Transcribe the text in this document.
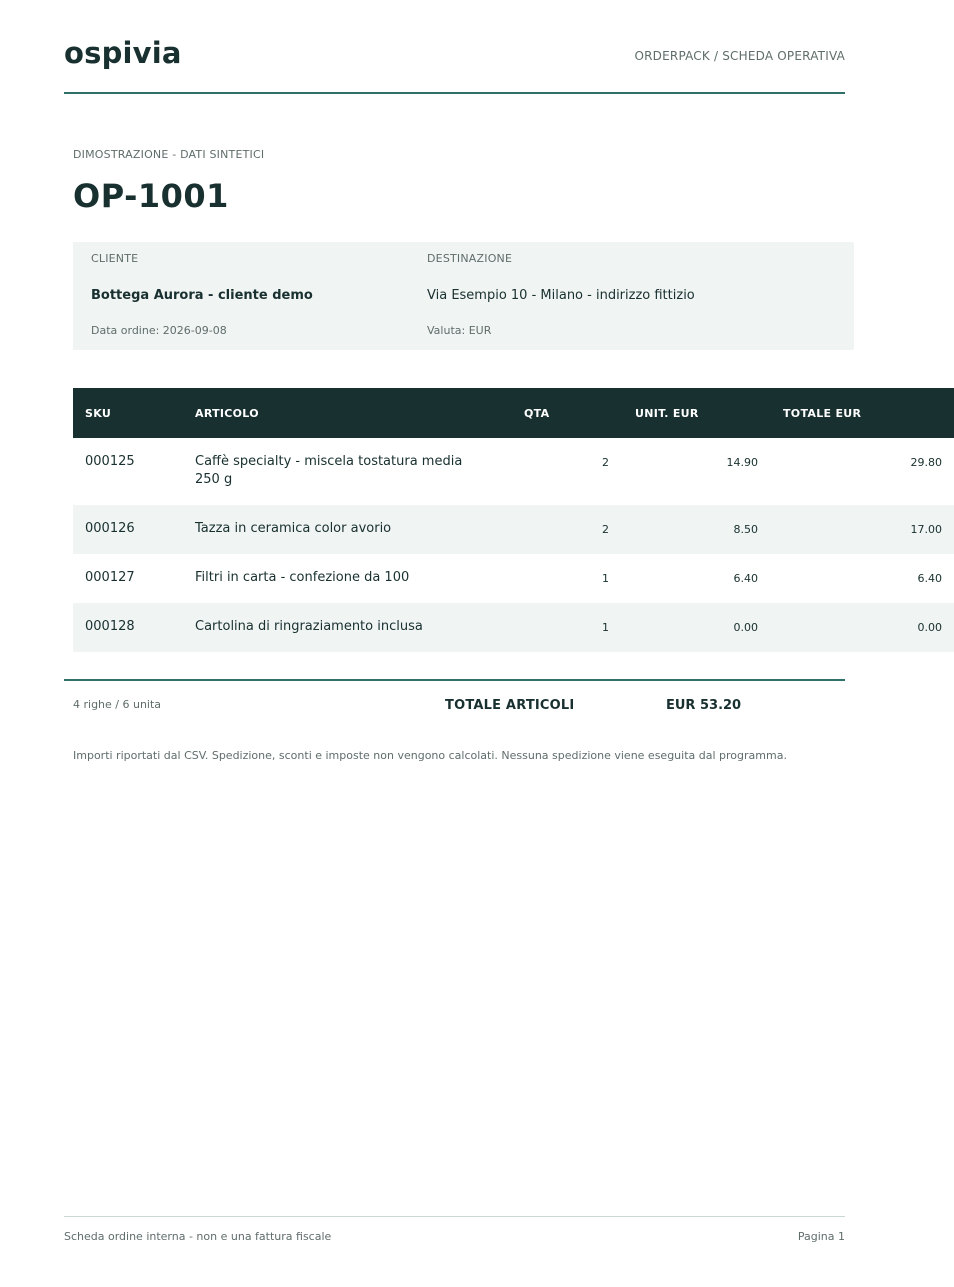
ospivia	ORDERPACK / SCHEDA OPERATIVA
DIMOSTRAZIONE - DATI SINTETICI
OP-1001
CLIENTE
Bottega Aurora - cliente demo
Data ordine: 2026-09-08
DESTINAZIONE
Via Esempio 10 - Milano - indirizzo fittizio
Valuta: EUR
SKU	ARTICOLO	QTA	UNIT. EUR	TOTALE EUR

000125	Caffè specialty - miscela tostatura media 250 g	2	14.90	29.80

000126	Tazza in ceramica color avorio	2	8.50	17.00

000127	Filtri in carta - confezione da 100	1	6.40	6.40

000128	Cartolina di ringraziamento inclusa	1	0.00	0.00
4 righe / 6 unita	TOTALE ARTICOLI	EUR 53.20
Importi riportati dal CSV. Spedizione, sconti e imposte non vengono calcolati. Nessuna spedizione viene eseguita dal programma.
Scheda ordine interna - non e una fattura fiscale	Pagina 1
